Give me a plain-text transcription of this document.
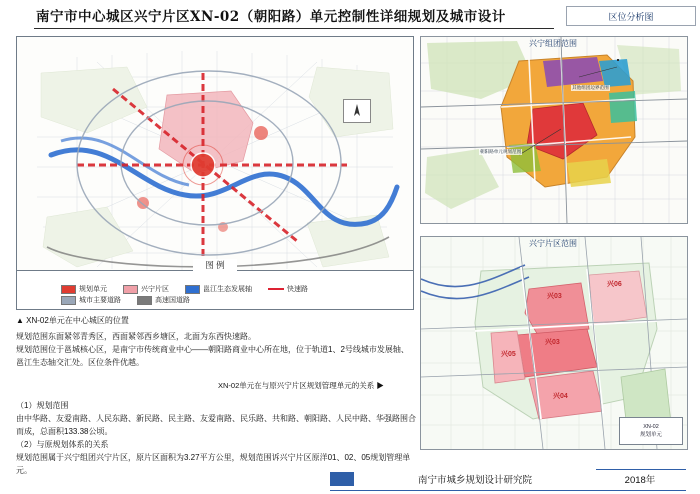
南宁市中心城区兴宁片区XN-02（朝阳路）单元控制性详细规划及城市设计	区位分析图
图 例
规划单元	兴宁片区	邕江生态发展轴	快速路
城市主要道路	高速国道路
兴宁组团范围
其他组团边界范围
朝阳路单元规划范围
兴宁片区范围
兴03
兴06
兴03
兴05
兴04
XN-02
规划单元
▲ XN-02单元在中心城区的位置
规划范围东面紧邻青秀区，西面紧邻西乡塘区，北面为东西快速路。
规划范围位于邕城核心区，是南宁市传统商业中心——朝阳路商业中心所在地，位于轨道1、2号线城市发展轴、
邕江生态轴交汇处。区位条件优越。
（1）规划范围
由中华路、友爱南路、人民东路、新民路、民主路、友爱南路、民乐路、共和路、朝阳路、人民中路、华强路围合而成，总面积133.38公顷。
（2）与原规划体系的关系
规划范围属于兴宁组团兴宁片区，原片区面积为3.27平方公里，规划范围诉兴宁片区原洋01、02、05规划管理单元。
XN-02单元在与原兴宁片区规划管理单元的关系 ▶
南宁市城乡规划设计研究院	2018年
